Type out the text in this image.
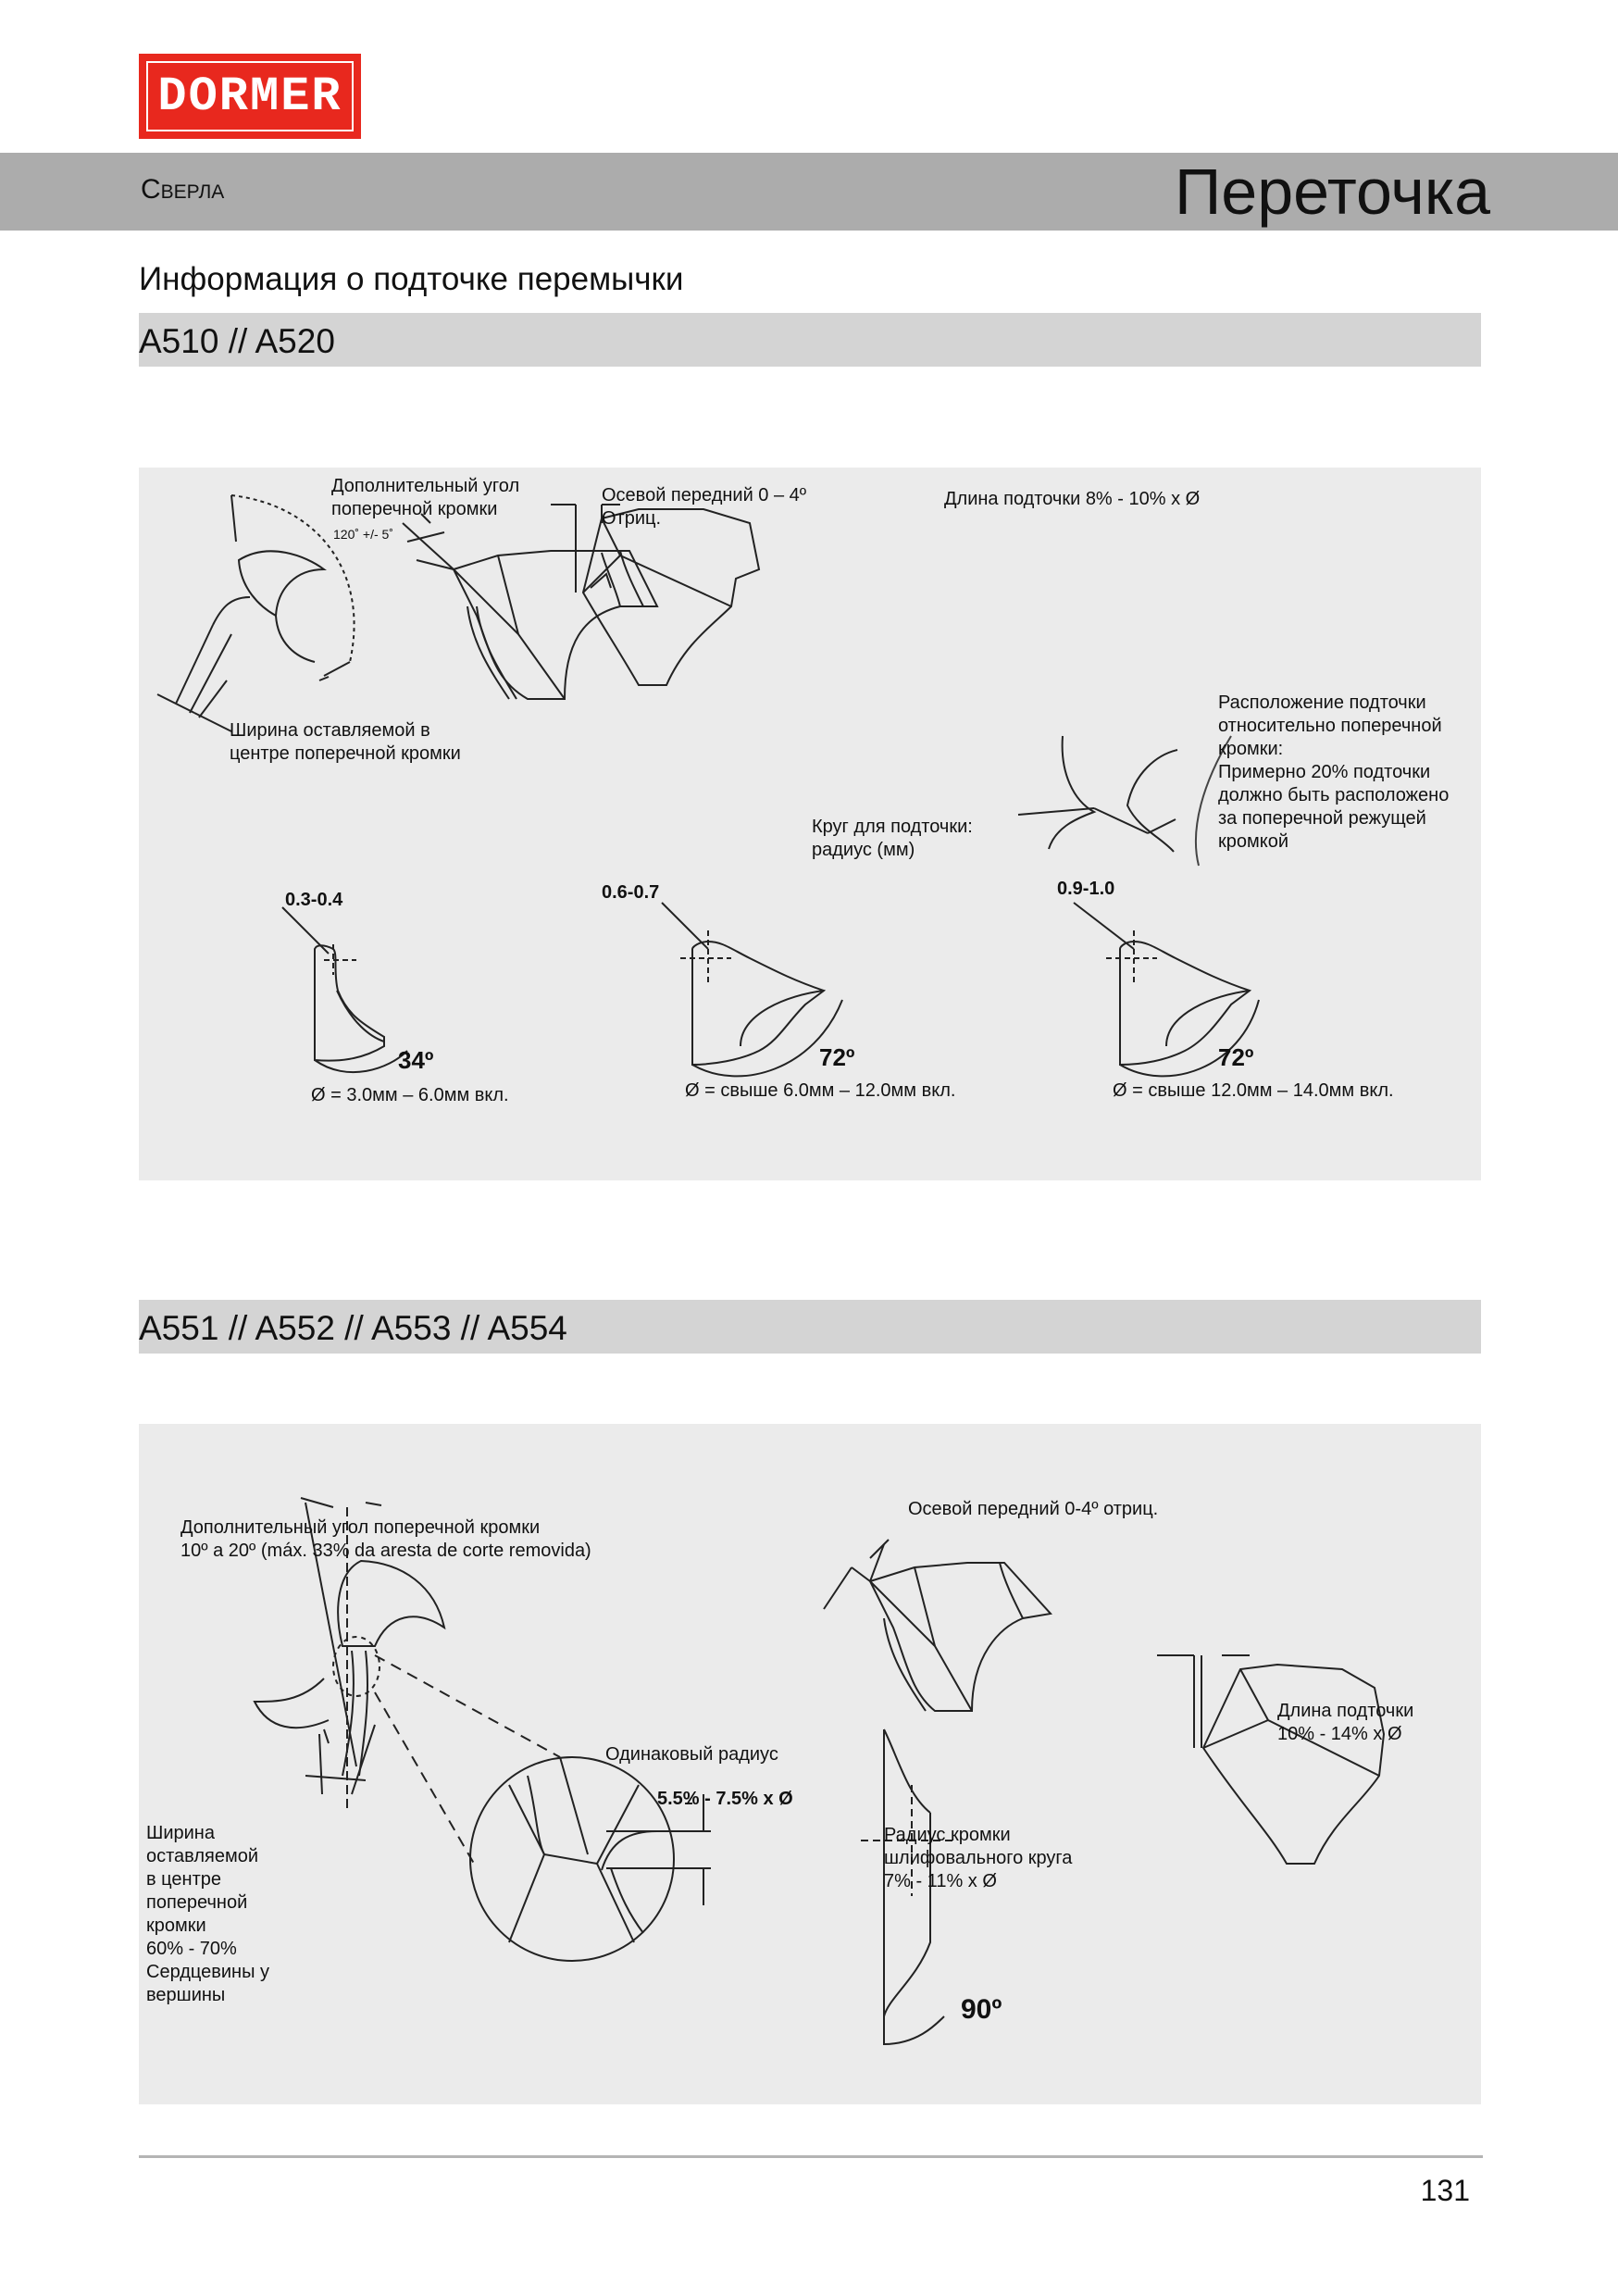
DORMER
Сверла	Переточка
Информация о подточке перемычки
A510 // A520
Дополнительный угол
поперечной кромки
120˚ +/- 5˚
Осевой передний 0 – 4º
Отриц.
Длина подточки 8% - 10% x Ø
Ширина оставляемой в
центре поперечной кромки
Расположение подточки
относительно поперечной
кромки:
Примерно 20% подточки
должно быть расположено
за поперечной режущей
кромкой
Круг для подточки:
радиус (мм)
0.3-0.4	0.6-0.7	0.9-1.0
34º	72º	72º
Ø = 3.0мм – 6.0мм вкл.	Ø = свыше 6.0мм – 12.0мм вкл.	Ø = свыше 12.0мм – 14.0мм вкл.
A551 // A552 // A553 // A554
Дополнительный угол поперечной кромки
10º a 20º (máx. 33% da aresta de corte removida)
Осевой передний 0-4º отриц.
Одинаковый радиус
5.5% - 7.5% x Ø
Ширина
оставляемой
в центре
поперечной
кромки
60% - 70%
Сердцевины у
вершины
Радиус кромки
шлифовального круга
7% - 11% x Ø
90º
Длина подточки
10% - 14% x Ø
131
